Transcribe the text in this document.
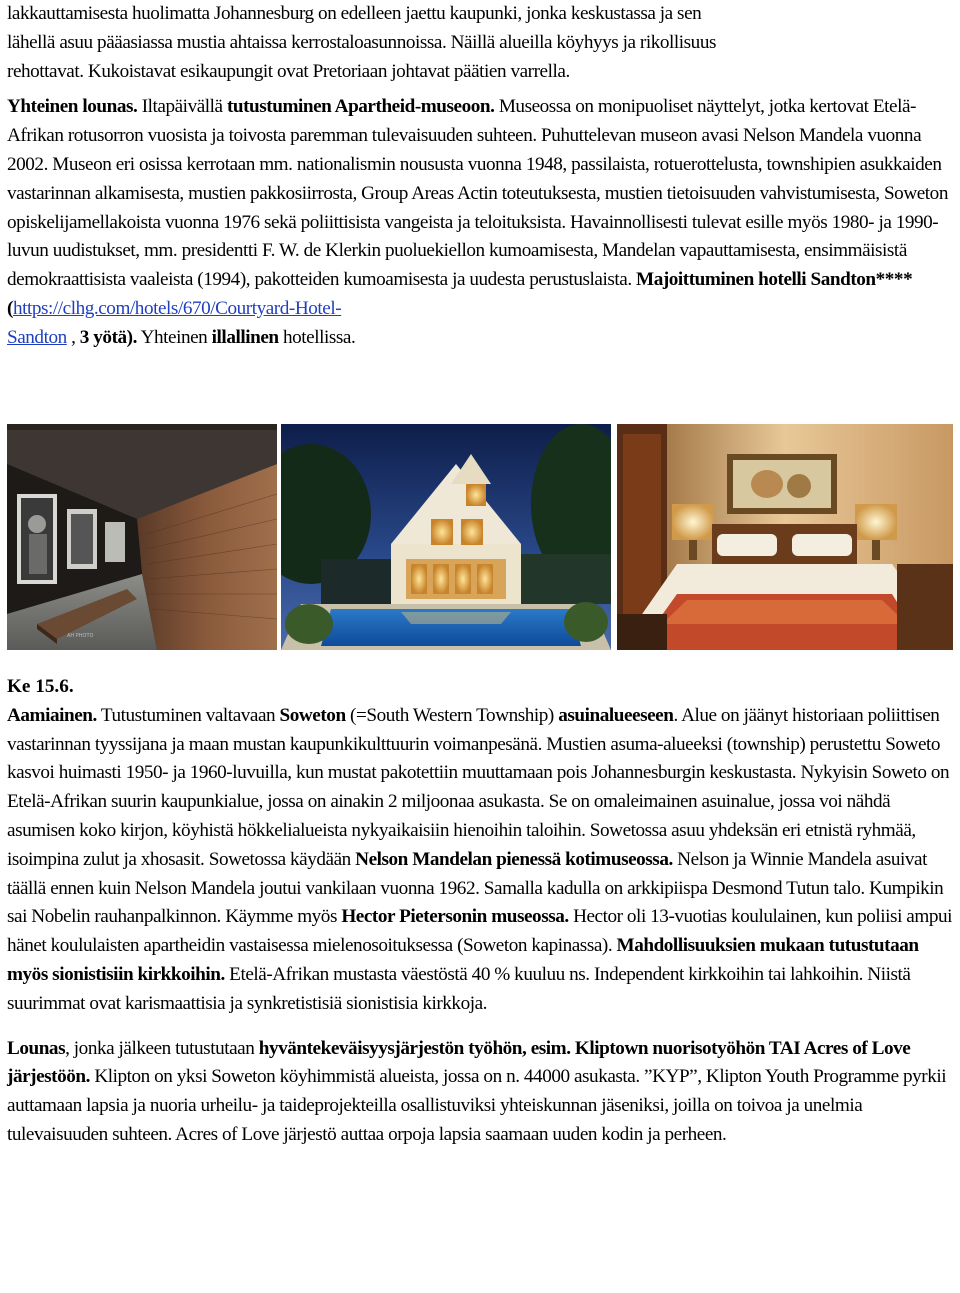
lakkauttamisesta huolimatta Johannesburg on edelleen jaettu kaupunki, jonka keskustassa ja sen

lähellä asuu pääasiassa mustia ahtaissa kerrostaloasunnoissa. Näillä alueilla köyhyys ja rikollisuus

rehottavat. Kukoistavat esikaupungit ovat Pretoriaan johtavat päätien varrella.

Yhteinen lounas. Iltapäivällä tutustuminen Apartheid-museoon. Museossa on monipuoliset näyttelyt, jotka kertovat Etelä-Afrikan rotusorron vuosista ja toivosta paremman tulevaisuuden suhteen. Puhuttelevan museon avasi Nelson Mandela vuonna 2002. Museon eri osissa kerrotaan mm. nationalismin noususta vuonna 1948, passilaista, rotuerottelusta, townshipien asukkaiden vastarinnan alkamisesta, mustien pakkosiirrosta, Group Areas Actin toteutuksesta, mustien tietoisuuden vahvistumisesta, Soweton opiskelijamellakoista vuonna 1976 sekä poliittisista vangeista ja teloituksista. Havainnollisesti tulevat esille myös 1980- ja 1990-luvun uudistukset, mm. presidentti F. W. de Klerkin puoluekiellon kumoamisesta, Mandelan vapauttamisesta, ensimmäisistä demokraattisista vaaleista (1994), pakotteiden kumoamisesta ja uudesta perustuslaista. Majoittuminen hotelli Sandton****(https://clhg.com/hotels/670/Courtyard-Hotel-
Sandton , 3 yötä). Yhteinen illallinen hotellissa.

AH PHOTO

Ke 15.6.

Aamiainen. Tutustuminen valtavaan Soweton (=South Western Township) asuinalueeseen. Alue on jäänyt historiaan poliittisen vastarinnan tyyssijana ja maan mustan kaupunkikulttuurin voimanpesänä. Mustien asuma-alueeksi (township) perustettu Soweto kasvoi huimasti 1950- ja 1960-luvuilla, kun mustat pakotettiin muuttamaan pois Johannesburgin keskustasta. Nykyisin Soweto on Etelä-Afrikan suurin kaupunkialue, jossa on ainakin 2 miljoonaa asukasta. Se on omaleimainen asuinalue, jossa voi nähdä asumisen koko kirjon, köyhistä hökkelialueista nykyaikaisiin hienoihin taloihin. Sowetossa asuu yhdeksän eri etnistä ryhmää, isoimpina zulut ja xhosasit. Sowetossa käydään Nelson Mandelan pienessä kotimuseossa. Nelson ja Winnie Mandela asuivat täällä ennen kuin Nelson Mandela joutui vankilaan vuonna 1962. Samalla kadulla on arkkipiispa Desmond Tutun talo. Kumpikin sai Nobelin rauhanpalkinnon. Käymme myös Hector Pietersonin museossa. Hector oli 13-vuotias koululainen, kun poliisi ampui hänet koululaisten apartheidin vastaisessa mielenosoituksessa (Soweton kapinassa). Mahdollisuuksien mukaan tutustutaan myös sionistisiin kirkkoihin. Etelä-Afrikan mustasta väestöstä 40 % kuuluu ns. Independent kirkkoihin tai lahkoihin. Niistä suurimmat ovat karismaattisia ja synkretistisiä sionistisia kirkkoja.

Lounas, jonka jälkeen tutustutaan hyväntekeväisyysjärjestön työhön, esim. Kliptown nuorisotyöhön TAI Acres of Love järjestöön. Klipton on yksi Soweton köyhimmistä alueista, jossa on n. 44000 asukasta. ”KYP”, Klipton Youth Programme pyrkii auttamaan lapsia ja nuoria urheilu- ja taideprojekteilla osallistuviksi yhteiskunnan jäseniksi, joilla on toivoa ja unelmia tulevaisuuden suhteen. Acres of Love järjestö auttaa orpoja lapsia saamaan uuden kodin ja perheen.
